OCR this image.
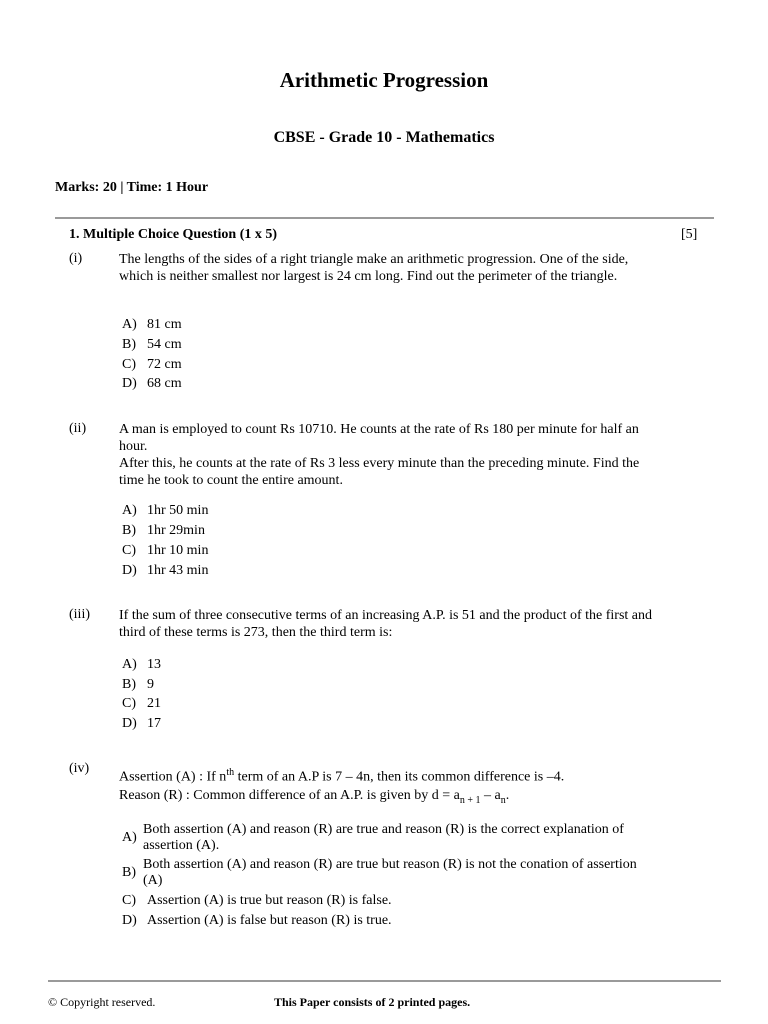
Arithmetic Progression
CBSE - Grade 10 - Mathematics
Marks: 20 | Time: 1 Hour
1. Multiple Choice Question (1 x 5)	[5]
(i)	The lengths of the sides of a right triangle make an arithmetic progression. One of the side, which is neither smallest nor largest is 24 cm long. Find out the perimeter of the triangle.
A) 81 cm
B) 54 cm
C) 72 cm
D) 68 cm
(ii) A man is employed to count Rs 10710. He counts at the rate of Rs 180 per minute for half an hour.
After this, he counts at the rate of Rs 3 less every minute than the preceding minute. Find the time he took to count the entire amount.
A) 1hr 50 min
B) 1hr 29min
C) 1hr 10 min
D) 1hr 43 min
(iii) If the sum of three consecutive terms of an increasing A.P. is 51 and the product of the first and third of these terms is 273, then the third term is:
A) 13
B) 9
C) 21
D) 17
(iv)
Assertion (A) : If $n^{th}$ term of an A.P is 7 – 4n, then its common difference is –4.
Reason (R) : Common difference of an A.P. is given by $d = a_{n + 1} - a_n$.
A)
Both assertion (A) and reason (R) are true and reason (R) is the correct explanation of assertion (A).
B)
Both assertion (A) and reason (R) are true but reason (R) is not the conation of assertion (A)
C) Assertion (A) is true but reason (R) is false.
D) Assertion (A) is false but reason (R) is true.
© Copyright reserved.	This Paper consists of 2 printed pages.
